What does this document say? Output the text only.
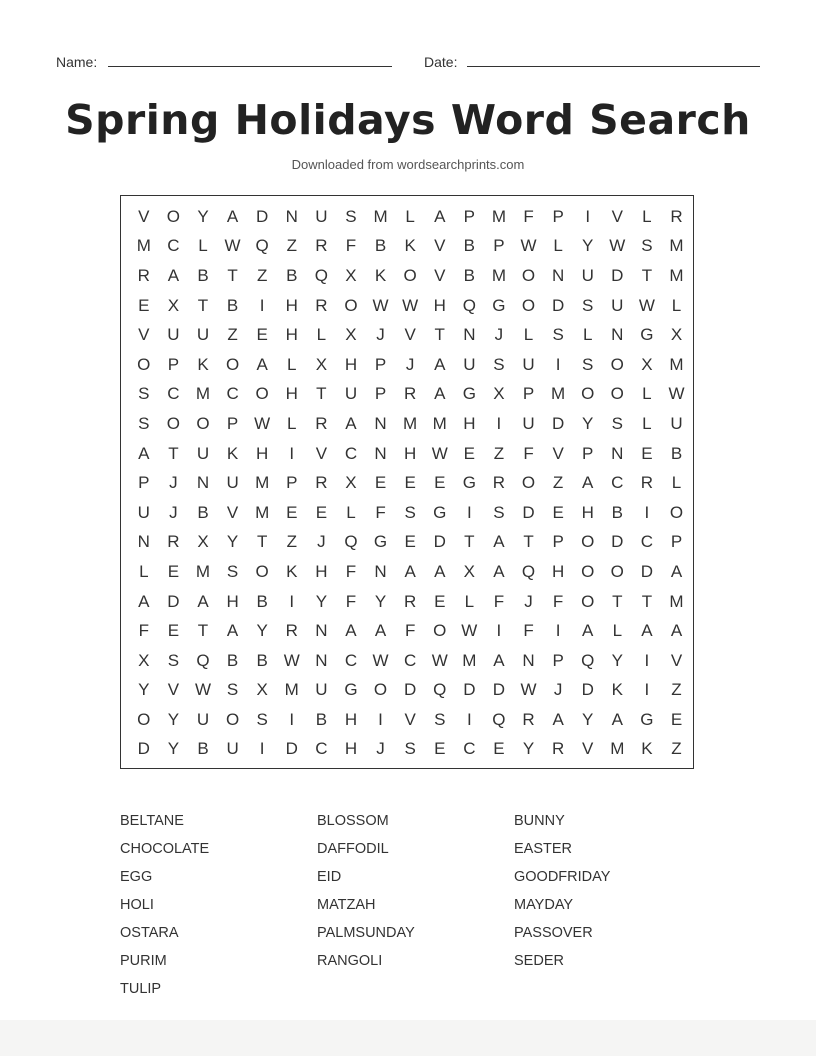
Name:	Date:
Spring Holidays Word Search
Downloaded from wordsearchprints.com
V	O	Y	A	D	N	U	S M	L	A	P M	F	P	I	V	L	R
M C	L W Q	Z	R	F	B	K	V	B	P W L	Y W S M
R	A	B	T	Z	B	Q	X	K	O	V	B M O N	U	D	T	M
E	X	T	B	I	H	R O W W H Q G O D	S	U W L
V	U	U	Z	E	H	L	X	J	V	T	N	J	L	S	L	N G	X
O	P	K	O	A	L	X	H	P	J	A	U	S	U	I	S	O	X M
S	C M C O H	T	U	P	R	A	G	X	P M O O	L W
S	O O	P W L	R	A	N M M H	I	U	D	Y	S	L	U
A	T	U	K	H	I	V	C	N	H W E	Z	F	V	P	N	E	B
P	J	N	U M P	R	X	E	E	E	G R O	Z	A	C	R	L
U	J	B	V M E	E	L	F	S	G	I	S	D	E	H	B	I	O
N	R	X	Y	T	Z	J	Q G	E	D	T	A	T	P	O D	C	P
L	E M S	O	K	H	F	N	A	A	X	A	Q H O O D	A
A	D	A	H	B	I	Y	F	Y	R	E	L	F	J	F	O	T	T	M
F	E	T	A	Y	R	N	A	A	F	O W	I	F	I	A	L	A	A
X	S	Q	B	B W N	C W C W M A	N	P	Q	Y	I	V
Y	V W S	X M U G O D Q D	D W	J	D	K	I	Z
O	Y	U O	S	I	B	H	I	V	S	I	Q R	A	Y	A	G	E
D	Y	B	U	I	D	C	H	J	S	E	C	E	Y	R	V M K	Z
BELTANE	BLOSSOM	BUNNY
CHOCOLATE	DAFFODIL	EASTER
EGG	EID	GOODFRIDAY
HOLI	MATZAH	MAYDAY
OSTARA	PALMSUNDAY	PASSOVER
PURIM	RANGOLI	SEDER
TULIP
